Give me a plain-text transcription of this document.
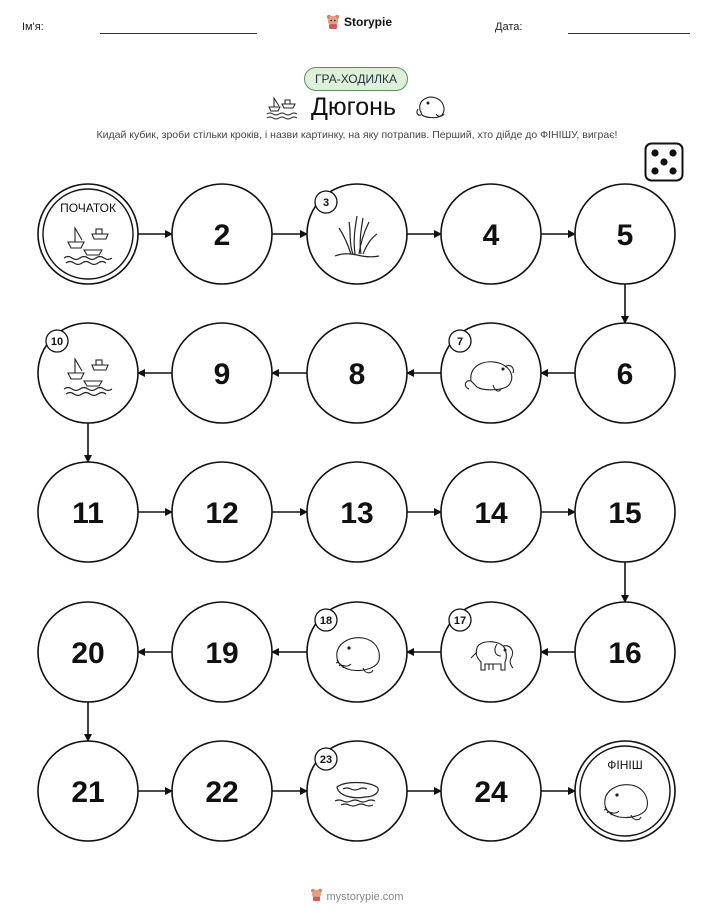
Ім'я:	Storypie	Дата:
ГРА-ХОДИЛКА
Дюгонь
Кидай кубик, зроби стільки кроків, і назви картинку, на яку потрапив. Перший, хто дійде до ФІНІШУ, виграє!
ПОЧАТОК
2
3
4	5
6
7
8
9
10
11	12	13	14	15
16
17
18
19
20
21	22
23
24
ФІНІШ
mystorypie.com
